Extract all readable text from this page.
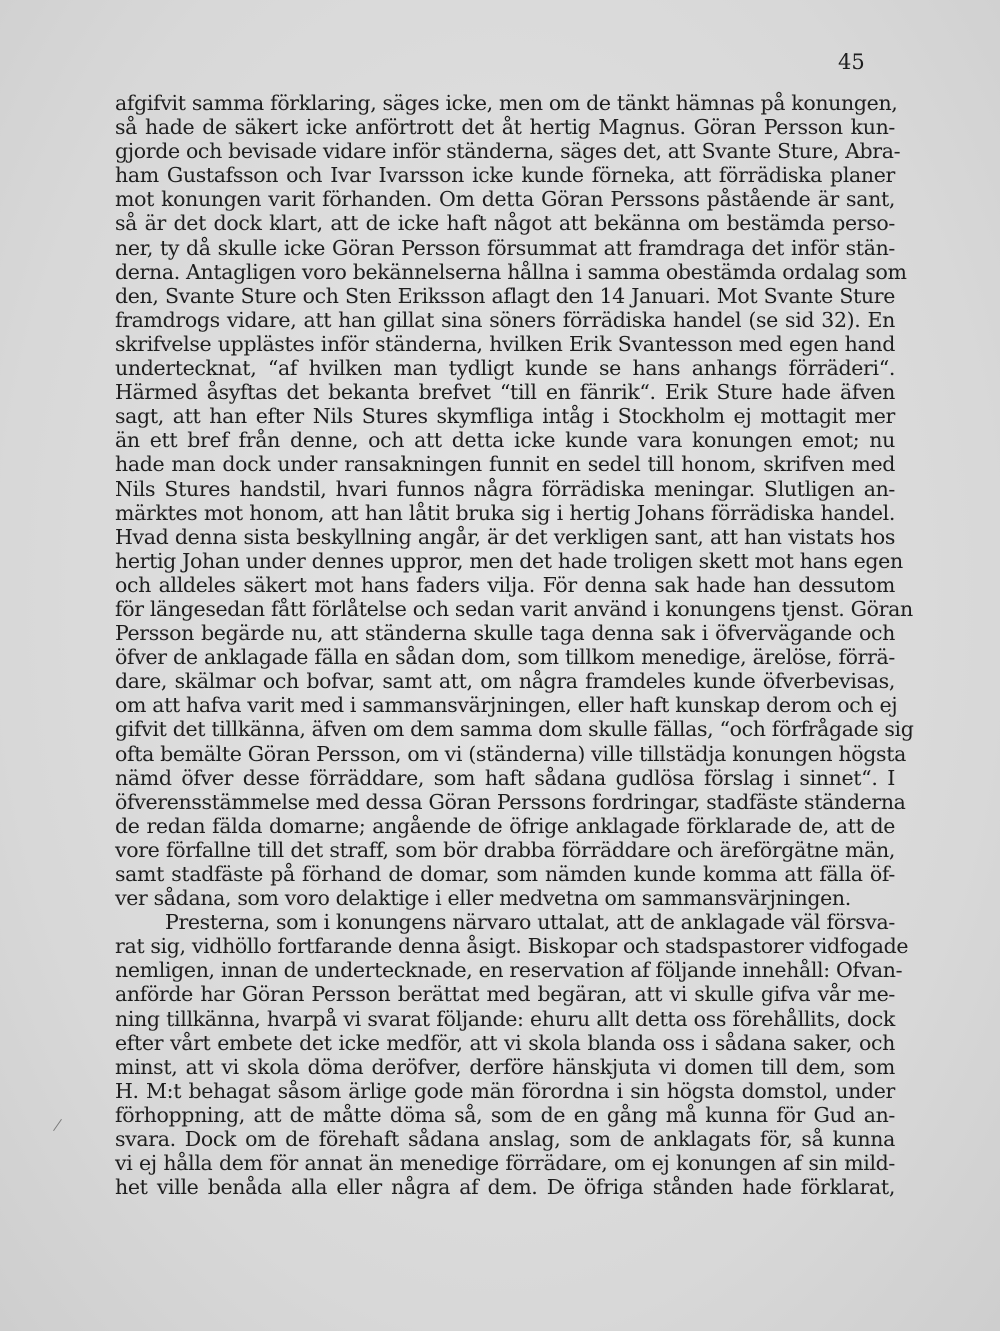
45
afgifvit samma förklaring, säges icke, men om de tänkt hämnas på konungen,
så hade de säkert icke anförtrott det åt hertig Magnus. Göran Persson kun-
gjorde och bevisade vidare inför ständerna, säges det, att Svante Sture, Abra-
ham Gustafsson och Ivar Ivarsson icke kunde förneka, att förrädiska planer
mot konungen varit förhanden. Om detta Göran Perssons påstående är sant,
så är det dock klart, att de icke haft något att bekänna om bestämda perso-
ner, ty då skulle icke Göran Persson försummat att framdraga det inför stän-
derna. Antagligen voro bekännelserna hållna i samma obestämda ordalag som
den, Svante Sture och Sten Eriksson aflagt den 14 Januari. Mot Svante Sture
framdrogs vidare, att han gillat sina söners förrädiska handel (se sid 32). En
skrifvelse upplästes inför ständerna, hvilken Erik Svantesson med egen hand
undertecknat, “af hvilken man tydligt kunde se hans anhangs förräderi“.
Härmed åsyftas det bekanta brefvet “till en fänrik“. Erik Sture hade äfven
sagt, att han efter Nils Stures skymfliga intåg i Stockholm ej mottagit mer
än ett bref från denne, och att detta icke kunde vara konungen emot; nu
hade man dock under ransakningen funnit en sedel till honom, skrifven med
Nils Stures handstil, hvari funnos några förrädiska meningar. Slutligen an-
märktes mot honom, att han låtit bruka sig i hertig Johans förrädiska handel.
Hvad denna sista beskyllning angår, är det verkligen sant, att han vistats hos
hertig Johan under dennes uppror, men det hade troligen skett mot hans egen
och alldeles säkert mot hans faders vilja. För denna sak hade han dessutom
för längesedan fått förlåtelse och sedan varit använd i konungens tjenst. Göran
Persson begärde nu, att ständerna skulle taga denna sak i öfvervägande och
öfver de anklagade fälla en sådan dom, som tillkom menedige, ärelöse, förrä-
dare, skälmar och bofvar, samt att, om några framdeles kunde öfverbevisas,
om att hafva varit med i sammansvärjningen, eller haft kunskap derom och ej
gifvit det tillkänna, äfven om dem samma dom skulle fällas, “och förfrågade sig
ofta bemälte Göran Persson, om vi (ständerna) ville tillstädja konungen högsta
nämd öfver desse förräddare, som haft sådana gudlösa förslag i sinnet“. I
öfverensstämmelse med dessa Göran Perssons fordringar, stadfäste ständerna
de redan fälda domarne; angående de öfrige anklagade förklarade de, att de
vore förfallne till det straff, som bör drabba förräddare och äreförgätne män,
samt stadfäste på förhand de domar, som nämden kunde komma att fälla öf-
ver sådana, som voro delaktige i eller medvetna om sammansvärjningen.
Presterna, som i konungens närvaro uttalat, att de anklagade väl försva-
rat sig, vidhöllo fortfarande denna åsigt. Biskopar och stadspastorer vidfogade
nemligen, innan de undertecknade, en reservation af följande innehåll: Ofvan-
anförde har Göran Persson berättat med begäran, att vi skulle gifva vår me-
ning tillkänna, hvarpå vi svarat följande: ehuru allt detta oss förehållits, dock
efter vårt embete det icke medför, att vi skola blanda oss i sådana saker, och
minst, att vi skola döma deröfver, derföre hänskjuta vi domen till dem, som
H. M:t behagat såsom ärlige gode män förordna i sin högsta domstol, under
förhoppning, att de måtte döma så, som de en gång må kunna för Gud an-
svara. Dock om de förehaft sådana anslag, som de anklagats för, så kunna
vi ej hålla dem för annat än menedige förrädare, om ej konungen af sin mild-
het ville benåda alla eller några af dem. De öfriga stånden hade förklarat,
